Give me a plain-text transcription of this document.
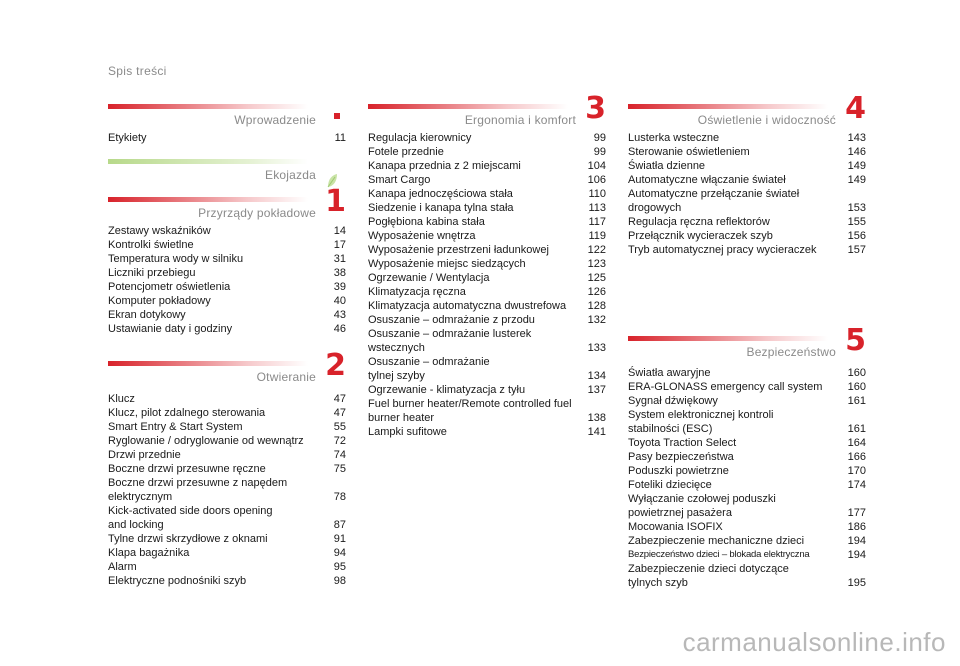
Spis treści
Wprowadzenie
Etykiety	11
Ekojazda
Przyrządy pokładowe 1
Zestawy wskaźników	14
Kontrolki świetlne	17
Temperatura wody w silniku	31
Liczniki przebiegu	38
Potencjometr oświetlenia	39
Komputer pokładowy	40
Ekran dotykowy	43
Ustawianie daty i godziny	46
Otwieranie 2
Klucz	47
Klucz, pilot zdalnego sterowania	47
Smart Entry & Start System	55
Ryglowanie / odryglowanie od wewnątrz	72
Drzwi przednie	74
Boczne drzwi przesuwne ręczne	75
Boczne drzwi przesuwne z napędem
elektrycznym	78
Kick-activated side doors opening
and locking	87
Tylne drzwi skrzydłowe z oknami	91
Klapa bagażnika	94
Alarm	95
Elektryczne podnośniki szyb	98
Ergonomia i komfort 3
Regulacja kierownicy	99
Fotele przednie	99
Kanapa przednia z 2 miejscami	104
Smart Cargo	106
Kanapa jednoczęściowa stała	110
Siedzenie i kanapa tylna stała	113
Pogłębiona kabina stała	117
Wyposażenie wnętrza	119
Wyposażenie przestrzeni ładunkowej	122
Wyposażenie miejsc siedzących	123
Ogrzewanie / Wentylacja	125
Klimatyzacja ręczna	126
Klimatyzacja automatyczna dwustrefowa	128
Osuszanie – odmrażanie z przodu	132
Osuszanie – odmrażanie lusterek
wstecznych	133
Osuszanie – odmrażanie
tylnej szyby	134
Ogrzewanie - klimatyzacja z tyłu	137
Fuel burner heater/Remote controlled fuel
burner heater	138
Lampki sufitowe	141
Oświetlenie i widoczność 4
Lusterka wsteczne	143
Sterowanie oświetleniem	146
Światła dzienne	149
Automatyczne włączanie świateł	149
Automatyczne przełączanie świateł
drogowych	153
Regulacja ręczna reflektorów	155
Przełącznik wycieraczek szyb	156
Tryb automatycznej pracy wycieraczek	157
Bezpieczeństwo 5
Światła awaryjne	160
ERA-GLONASS emergency call system	160
Sygnał dźwiękowy	161
System elektronicznej kontroli
stabilności (ESC)	161
Toyota Traction Select	164
Pasy bezpieczeństwa	166
Poduszki powietrzne	170
Foteliki dziecięce	174
Wyłączanie czołowej poduszki
powietrznej pasażera	177
Mocowania ISOFIX	186
Zabezpieczenie mechaniczne dzieci	194
Bezpieczeństwo dzieci – blokada elektryczna	194
Zabezpieczenie dzieci dotyczące
tylnych szyb	195
carmanualsonline.info
